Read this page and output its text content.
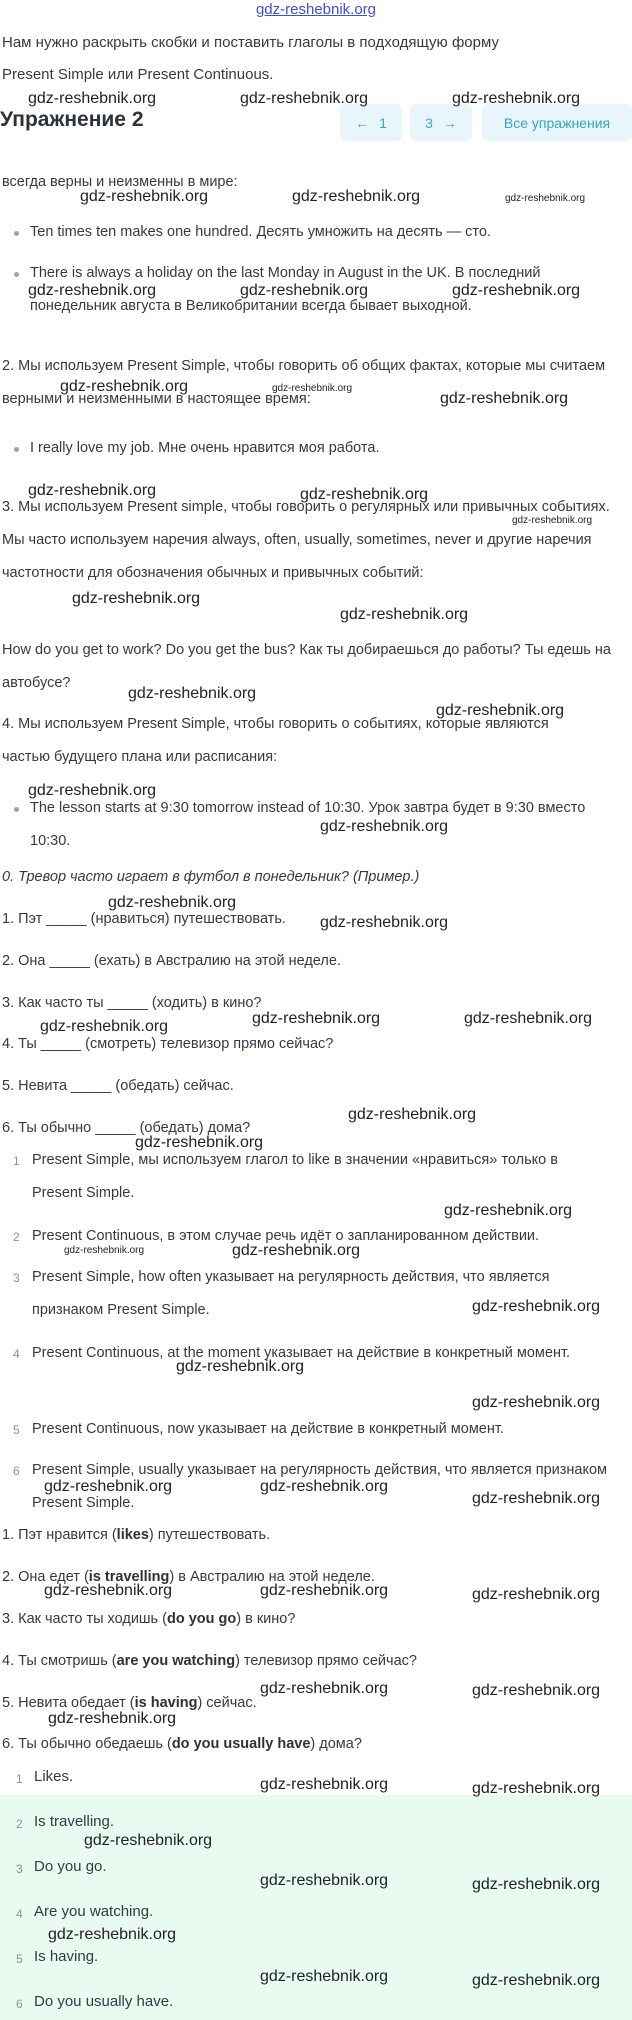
gdz-reshebnik.org
Нам нужно раскрыть скобки и поставить глаголы в подходящую форму
Present Simple или Present Continuous.
Упражнение 2	← 1	3 →	Все упражнения
всегда верны и неизменны в мире:
Ten times ten makes one hundred. Десять умножить на десять — сто.
There is always a holiday on the last Monday in August in the UK. В последний понедельник августа в Великобритании всегда бывает выходной.
2. Мы используем Present Simple, чтобы говорить об общих фактах, которые мы считаем верными и неизменными в настоящее время:
I really love my job. Мне очень нравится моя работа.
3. Мы используем Present simple, чтобы говорить о регулярных или привычных событиях. Мы часто используем наречия always, often, usually, sometimes, never и другие наречия частотности для обозначения обычных и привычных событий:
How do you get to work? Do you get the bus? Как ты добираешься до работы? Ты едешь на автобусе?
4. Мы используем Present Simple, чтобы говорить о событиях, которые являются частью будущего плана или расписания:
The lesson starts at 9:30 tomorrow instead of 10:30. Урок завтра будет в 9:30 вместо 10:30.
0. Тревор часто играет в футбол в понедельник? (Пример.)
1. Пэт _____ (нравиться) путешествовать.
2. Она _____ (ехать) в Австралию на этой неделе.
3. Как часто ты _____ (ходить) в кино?
4. Ты _____ (смотреть) телевизор прямо сейчас?
5. Невита _____ (обедать) сейчас.
6. Ты обычно _____ (обедать) дома?
1 Present Simple, мы используем глагол to like в значении «нравиться» только в Present Simple.
2 Present Continuous, в этом случае речь идёт о запланированном действии.
3 Present Simple, how often указывает на регулярность действия, что является признаком Present Simple.
4 Present Continuous, at the moment указывает на действие в конкретный момент.
5 Present Continuous, now указывает на действие в конкретный момент.
6 Present Simple, usually указывает на регулярность действия, что является признаком Present Simple.
1. Пэт нравится (likes) путешествовать.
2. Она едет (is travelling) в Австралию на этой неделе.
3. Как часто ты ходишь (do you go) в кино?
4. Ты смотришь (are you watching) телевизор прямо сейчас?
5. Невита обедает (is having) сейчас.
6. Ты обычно обедаешь (do you usually have) дома?
1 Likes.
2 Is travelling.
3 Do you go.
4 Are you watching.
5 Is having.
6 Do you usually have.
gdz-reshebnik.org	gdz-reshebnik.org	gdz-reshebnik.org
gdz-reshebnik.org	gdz-reshebnik.org	gdz-reshebnik.org
gdz-reshebnik.org	gdz-reshebnik.org	gdz-reshebnik.org
gdz-reshebnik.org	gdz-reshebnik.org
gdz-reshebnik.org
gdz-reshebnik.org	gdz-reshebnik.org
gdz-reshebnik.org
gdz-reshebnik.org
gdz-reshebnik.org
gdz-reshebnik.org
gdz-reshebnik.org
gdz-reshebnik.org
gdz-reshebnik.org
gdz-reshebnik.org
gdz-reshebnik.org
gdz-reshebnik.org	gdz-reshebnik.org	gdz-reshebnik.org
gdz-reshebnik.org
gdz-reshebnik.org
gdz-reshebnik.org
gdz-reshebnik.org	gdz-reshebnik.org
gdz-reshebnik.org
gdz-reshebnik.org
gdz-reshebnik.org
gdz-reshebnik.org	gdz-reshebnik.org
gdz-reshebnik.org
gdz-reshebnik.org	gdz-reshebnik.org	gdz-reshebnik.org
gdz-reshebnik.org	gdz-reshebnik.org
gdz-reshebnik.org
gdz-reshebnik.org	gdz-reshebnik.org
gdz-reshebnik.org
gdz-reshebnik.org	gdz-reshebnik.org
gdz-reshebnik.org
gdz-reshebnik.org	gdz-reshebnik.org
